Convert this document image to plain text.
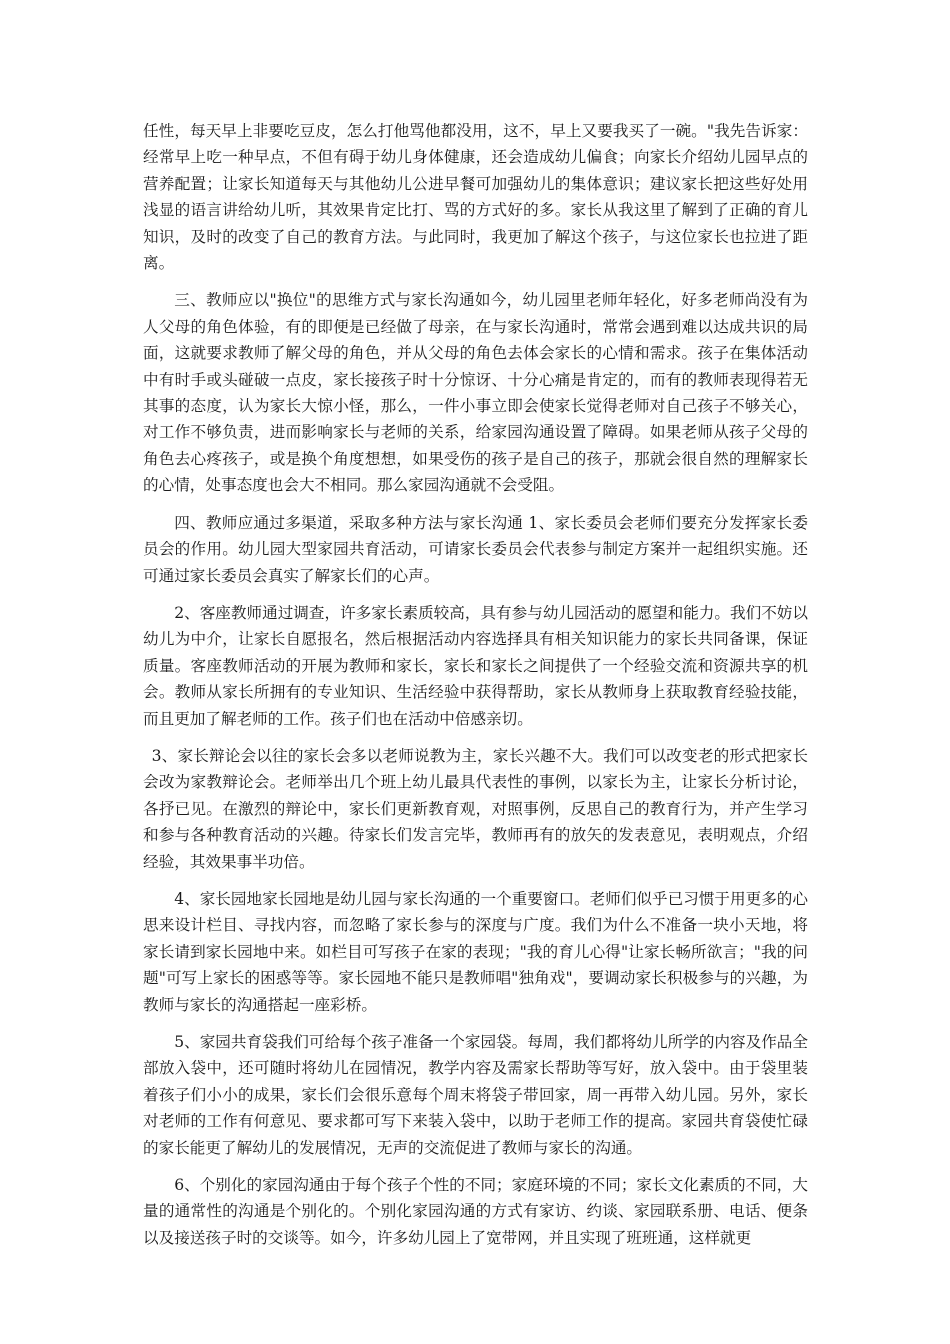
任性，每天早上非要吃豆皮，怎么打他骂他都没用，这不，早上又要我买了一碗。"我先告诉家：经常早上吃一种早点，不但有碍于幼儿身体健康，还会造成幼儿偏食；向家长介绍幼儿园早点的营养配置；让家长知道每天与其他幼儿公进早餐可加强幼儿的集体意识；建议家长把这些好处用浅显的语言讲给幼儿听，其效果肯定比打、骂的方式好的多。家长从我这里了解到了正确的育儿知识，及时的改变了自己的教育方法。与此同时，我更加了解这个孩子，与这位家长也拉进了距离。

三、教师应以"换位"的思维方式与家长沟通如今，幼儿园里老师年轻化，好多老师尚没有为人父母的角色体验，有的即便是已经做了母亲，在与家长沟通时，常常会遇到难以达成共识的局面，这就要求教师了解父母的角色，并从父母的角色去体会家长的心情和需求。孩子在集体活动中有时手或头碰破一点皮，家长接孩子时十分惊讶、十分心痛是肯定的，而有的教师表现得若无其事的态度，认为家长大惊小怪，那么，一件小事立即会使家长觉得老师对自己孩子不够关心，对工作不够负责，进而影响家长与老师的关系，给家园沟通设置了障碍。如果老师从孩子父母的角色去心疼孩子，或是换个角度想想，如果受伤的孩子是自己的孩子，那就会很自然的理解家长的心情，处事态度也会大不相同。那么家园沟通就不会受阻。

四、教师应通过多渠道，采取多种方法与家长沟通 1、家长委员会老师们要充分发挥家长委员会的作用。幼儿园大型家园共育活动，可请家长委员会代表参与制定方案并一起组织实施。还可通过家长委员会真实了解家长们的心声。

2、客座教师通过调查，许多家长素质较高，具有参与幼儿园活动的愿望和能力。我们不妨以幼儿为中介，让家长自愿报名，然后根据活动内容选择具有相关知识能力的家长共同备课，保证质量。客座教师活动的开展为教师和家长，家长和家长之间提供了一个经验交流和资源共享的机会。教师从家长所拥有的专业知识、生活经验中获得帮助，家长从教师身上获取教育经验技能，而且更加了解老师的工作。孩子们也在活动中倍感亲切。

3、家长辩论会以往的家长会多以老师说教为主，家长兴趣不大。我们可以改变老的形式把家长会改为家教辩论会。老师举出几个班上幼儿最具代表性的事例，以家长为主，让家长分析讨论，各抒已见。在激烈的辩论中，家长们更新教育观，对照事例，反思自己的教育行为，并产生学习和参与各种教育活动的兴趣。待家长们发言完毕，教师再有的放矢的发表意见，表明观点，介绍经验，其效果事半功倍。

4、家长园地家长园地是幼儿园与家长沟通的一个重要窗口。老师们似乎已习惯于用更多的心思来设计栏目、寻找内容，而忽略了家长参与的深度与广度。我们为什么不准备一块小天地，将家长请到家长园地中来。如栏目可写孩子在家的表现；"我的育儿心得"让家长畅所欲言；"我的问题"可写上家长的困惑等等。家长园地不能只是教师唱"独角戏"，要调动家长积极参与的兴趣，为教师与家长的沟通搭起一座彩桥。

5、家园共育袋我们可给每个孩子准备一个家园袋。每周，我们都将幼儿所学的内容及作品全部放入袋中，还可随时将幼儿在园情况，教学内容及需家长帮助等写好，放入袋中。由于袋里装着孩子们小小的成果，家长们会很乐意每个周末将袋子带回家，周一再带入幼儿园。另外，家长对老师的工作有何意见、要求都可写下来装入袋中，以助于老师工作的提高。家园共育袋使忙碌的家长能更了解幼儿的发展情况，无声的交流促进了教师与家长的沟通。

6、个别化的家园沟通由于每个孩子个性的不同；家庭环境的不同；家长文化素质的不同，大量的通常性的沟通是个别化的。个别化家园沟通的方式有家访、约谈、家园联系册、电话、便条以及接送孩子时的交谈等。如今，许多幼儿园上了宽带网，并且实现了班班通，这样就更
